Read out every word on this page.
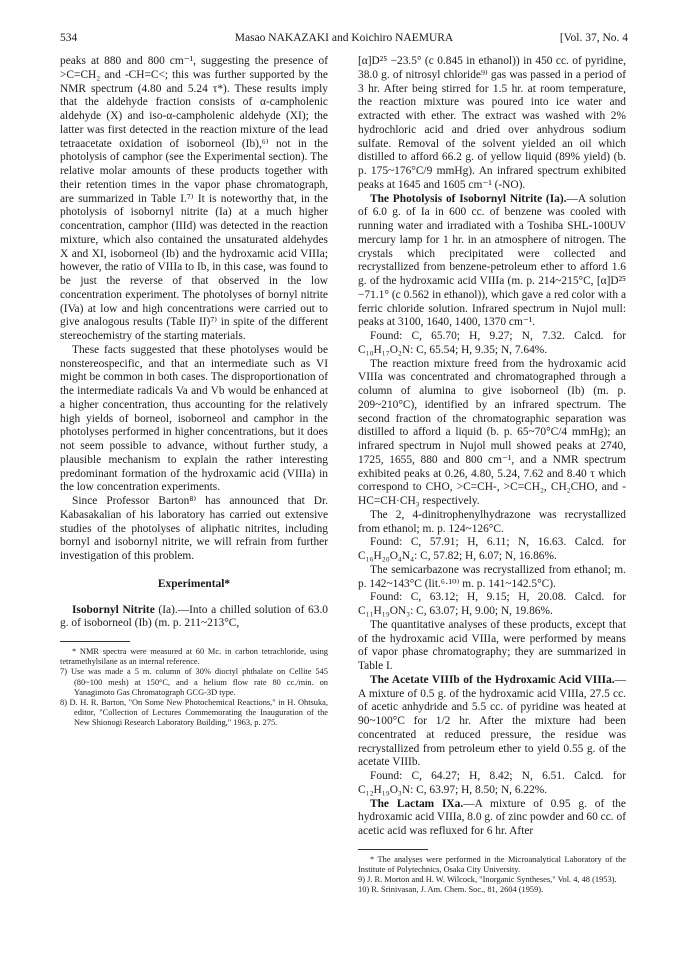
534	Masao NAKAZAKI and Koichiro NAEMURA	[Vol. 37, No. 4

peaks at 880 and 800 cm⁻¹, suggesting the presence of >C=CH₂ and -CH=C<; this was further supported by the NMR spectrum (4.80 and 5.24 τ*). These results imply that the aldehyde fraction consists of α-campholenic aldehyde (X) and iso-α-campholenic aldehyde (XI); the latter was first detected in the reaction mixture of the lead tetraacetate oxidation of isoborneol (Ib),⁶⁾ not in the photolysis of camphor (see the Experimental section). The relative molar amounts of these products together with their retention times in the vapor phase chromatograph, are summarized in Table I.⁷⁾ It is noteworthy that, in the photolysis of isobornyl nitrite (Ia) at a much higher concentration, camphor (IIId) was detected in the reaction mixture, which also contained the unsaturated aldehydes X and XI, isoborneol (Ib) and the hydroxamic acid VIIIa; however, the ratio of VIIIa to Ib, in this case, was found to be just the reverse of that observed in the low concentration experiment. The photolyses of bornyl nitrite (IVa) at low and high concentrations were carried out to give analogous results (Table II)⁷⁾ in spite of the different stereochemistry of the starting materials.

These facts suggested that these photolyses would be nonstereospecific, and that an intermediate such as VI might be common in both cases. The disproportionation of the intermediate radicals Va and Vb would be enhanced at a higher concentration, thus accounting for the relatively high yields of borneol, isoborneol and camphor in the photolyses performed in higher concentrations, but it does not seem possible to advance, without further study, a plausible mechanism to explain the rather interesting predominant formation of the hydroxamic acid (VIIIa) in the low concentration experiments.

Since Professor Barton⁸⁾ has announced that Dr. Kabasakalian of his laboratory has carried out extensive studies of the photolyses of aliphatic nitrites, including bornyl and isobornyl nitrite, we will refrain from further investigation of this problem.

Experimental*

Isobornyl Nitrite (Ia).—Into a chilled solution of 63.0 g. of isoborneol (Ib) (m. p. 211~213°C,

* NMR spectra were measured at 60 Mc. in carbon tetrachloride, using tetramethylsilane as an internal reference.

7) Use was made a 5 m. column of 30% dioctyl phthalate on Cellite 545 (80~100 mesh) at 150°C, and a helium flow rate 80 cc./min. on Yanagimoto Gas Chromatograph GCG-3D type.

8) D. H. R. Barton, "On Some New Photochemical Reactions," in H. Ohtsuka, editor, "Collection of Lectures Commemorating the Inauguration of the New Shionogi Research Laboratory Building," 1963, p. 275.

[α]D²⁵ −23.5° (c 0.845 in ethanol)) in 450 cc. of pyridine, 38.0 g. of nitrosyl chloride⁹⁾ gas was passed in a period of 3 hr. After being stirred for 1.5 hr. at room temperature, the reaction mixture was poured into ice water and extracted with ether. The extract was washed with 2% hydrochloric acid and dried over anhydrous sodium sulfate. Removal of the solvent yielded an oil which distilled to afford 66.2 g. of yellow liquid (89% yield) (b. p. 175~176°C/9 mmHg). An infrared spectrum exhibited peaks at 1645 and 1605 cm⁻¹ (-NO).

The Photolysis of Isobornyl Nitrite (Ia).—A solution of 6.0 g. of Ia in 600 cc. of benzene was cooled with running water and irradiated with a Toshiba SHL-100UV mercury lamp for 1 hr. in an atmosphere of nitrogen. The crystals which precipitated were collected and recrystallized from benzene-petroleum ether to afford 1.6 g. of the hydroxamic acid VIIIa (m. p. 214~215°C, [α]D²⁵ −71.1° (c 0.562 in ethanol)), which gave a red color with a ferric chloride solution. Infrared spectrum in Nujol mull: peaks at 3100, 1640, 1400, 1370 cm⁻¹.

Found: C, 65.70; H, 9.27; N, 7.32. Calcd. for C₁₀H₁₇O₂N: C, 65.54; H, 9.35; N, 7.64%.

The reaction mixture freed from the hydroxamic acid VIIIa was concentrated and chromatographed through a column of alumina to give isoborneol (Ib) (m. p. 209~210°C), identified by an infrared spectrum. The second fraction of the chromatographic separation was distilled to afford a liquid (b. p. 65~70°C/4 mmHg); an infrared spectrum in Nujol mull showed peaks at 2740, 1725, 1655, 880 and 800 cm⁻¹, and a NMR spectrum exhibited peaks at 0.26, 4.80, 5.24, 7.62 and 8.40 τ which correspond to CHO, >C=CH-, >C=CH₂, CH₂CHO, and -HC=CH·CH₃ respectively.

The 2, 4-dinitrophenylhydrazone was recrystallized from ethanol; m. p. 124~126°C.

Found: C, 57.91; H, 6.11; N, 16.63. Calcd. for C₁₆H₂₀O₄N₄: C, 57.82; H, 6.07; N, 16.86%.

The semicarbazone was recrystallized from ethanol; m. p. 142~143°C (lit.⁶·¹⁰⁾ m. p. 141~142.5°C).

Found: C, 63.12; H, 9.15; H, 20.08. Calcd. for C₁₁H₁₉ON₃: C, 63.07; H, 9.00; N, 19.86%.

The quantitative analyses of these products, except that of the hydroxamic acid VIIIa, were performed by means of vapor phase chromatography; they are summarized in Table I.

The Acetate VIIIb of the Hydroxamic Acid VIIIa.—A mixture of 0.5 g. of the hydroxamic acid VIIIa, 27.5 cc. of acetic anhydride and 5.5 cc. of pyridine was heated at 90~100°C for 1/2 hr. After the mixture had been concentrated at reduced pressure, the residue was recrystallized from petroleum ether to yield 0.55 g. of the acetate VIIIb.

Found: C, 64.27; H, 8.42; N, 6.51. Calcd. for C₁₂H₁₉O₃N: C, 63.97; H, 8.50; N, 6.22%.

The Lactam IXa.—A mixture of 0.95 g. of the hydroxamic acid VIIIa, 8.0 g. of zinc powder and 60 cc. of acetic acid was refluxed for 6 hr. After

* The analyses were performed in the Microanalytical Laboratory of the Institute of Polytechnics, Osaka City University.

9) J. R. Morton and H. W. Wilcock, "Inorganic Syntheses," Vol. 4, 48 (1953).

10) R. Srinivasan, J. Am. Chem. Soc., 81, 2604 (1959).
